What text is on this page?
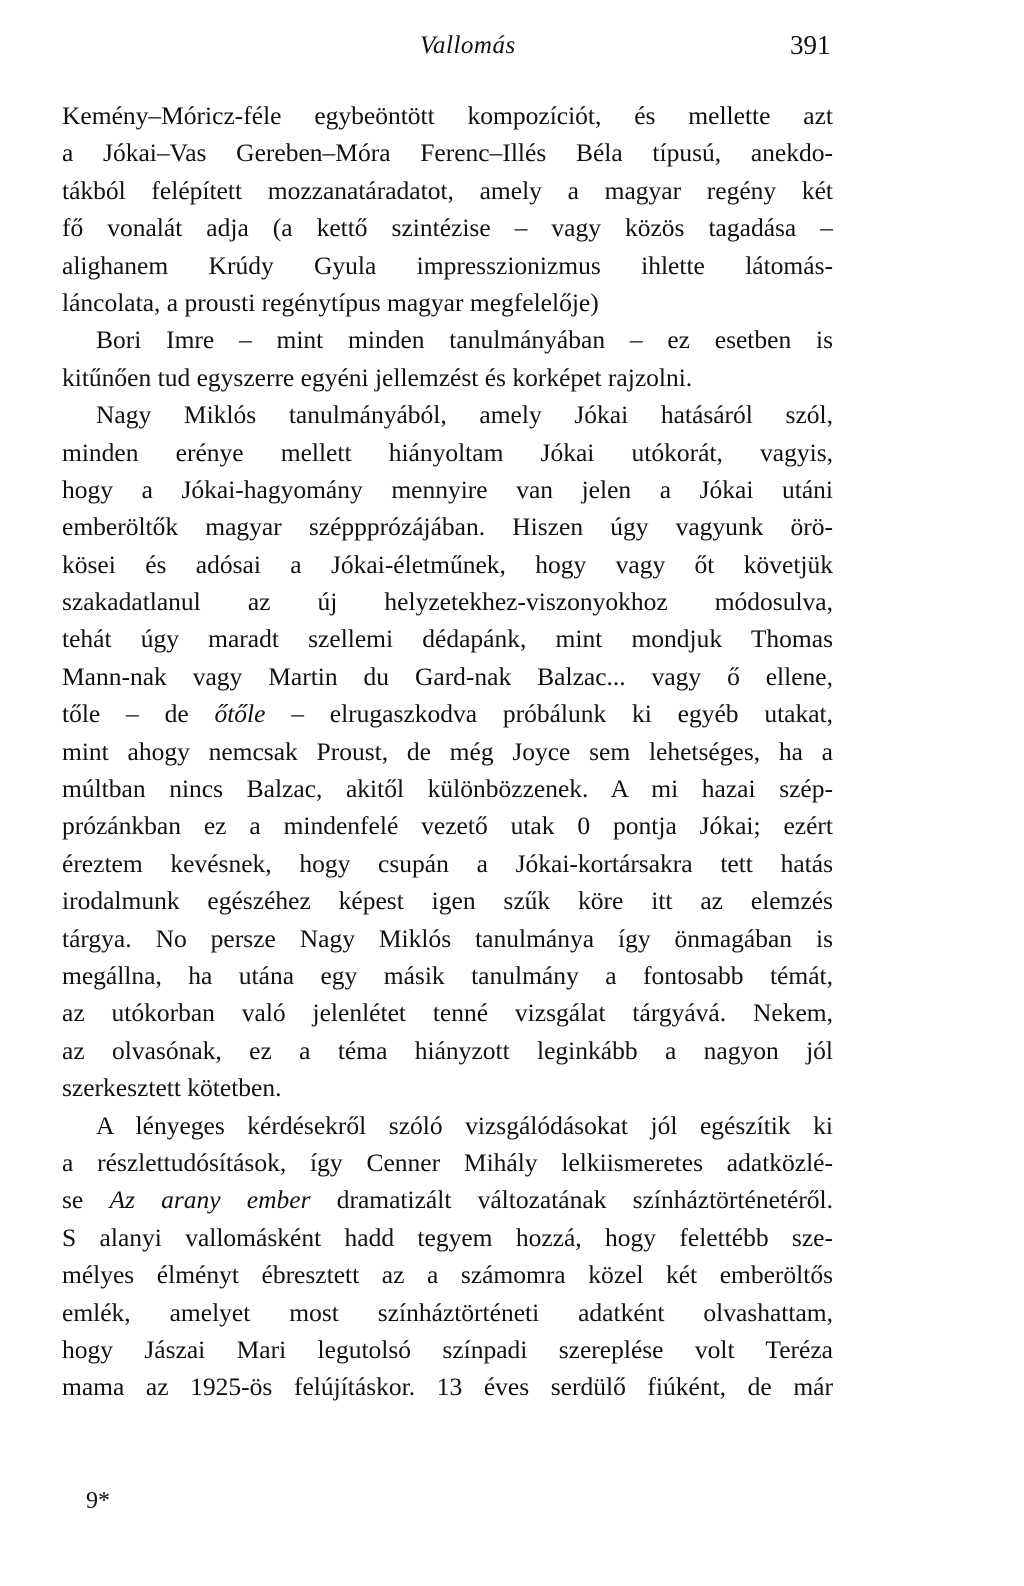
Vallomás	391
Kemény–Móricz-féle egybeöntött kompozíciót, és mellette azt
a Jókai–Vas Gereben–Móra Ferenc–Illés Béla típusú, anekdo-
tákból felépített mozzanatáradatot, amely a magyar regény két
fő vonalát adja (a kettő szintézise – vagy közös tagadása –
alighanem Krúdy Gyula impresszionizmus ihlette látomás-
láncolata, a prousti regénytípus magyar megfelelője)
Bori Imre – mint minden tanulmányában – ez esetben is
kitűnően tud egyszerre egyéni jellemzést és korképet rajzolni.
Nagy Miklós tanulmányából, amely Jókai hatásáról szól,
minden erénye mellett hiányoltam Jókai utókorát, vagyis,
hogy a Jókai-hagyomány mennyire van jelen a Jókai utáni
emberöltők magyar széppprózájában. Hiszen úgy vagyunk örö-
kösei és adósai a Jókai-életműnek, hogy vagy őt követjük
szakadatlanul az új helyzetekhez-viszonyokhoz módosulva,
tehát úgy maradt szellemi dédapánk, mint mondjuk Thomas
Mann-nak vagy Martin du Gard-nak Balzac... vagy ő ellene,
tőle – de őtőle – elrugaszkodva próbálunk ki egyéb utakat,
mint ahogy nemcsak Proust, de még Joyce sem lehetséges, ha a
múltban nincs Balzac, akitől különbözzenek. A mi hazai szép-
prózánkban ez a mindenfelé vezető utak 0 pontja Jókai; ezért
éreztem kevésnek, hogy csupán a Jókai-kortársakra tett hatás
irodalmunk egészéhez képest igen szűk köre itt az elemzés
tárgya. No persze Nagy Miklós tanulmánya így önmagában is
megállna, ha utána egy másik tanulmány a fontosabb témát,
az utókorban való jelenlétet tenné vizsgálat tárgyává. Nekem,
az olvasónak, ez a téma hiányzott leginkább a nagyon jól
szerkesztett kötetben.
A lényeges kérdésekről szóló vizsgálódásokat jól egészítik ki
a részlettudósítások, így Cenner Mihály lelkiismeretes adatközlé-
se Az arany ember dramatizált változatának színháztörténetéről.
S alanyi vallomásként hadd tegyem hozzá, hogy felettébb sze-
mélyes élményt ébresztett az a számomra közel két emberöltős
emlék, amelyet most színháztörténeti adatként olvashattam,
hogy Jászai Mari legutolsó színpadi szereplése volt Teréza
mama az 1925-ös felújításkor. 13 éves serdülő fiúként, de már
9*
